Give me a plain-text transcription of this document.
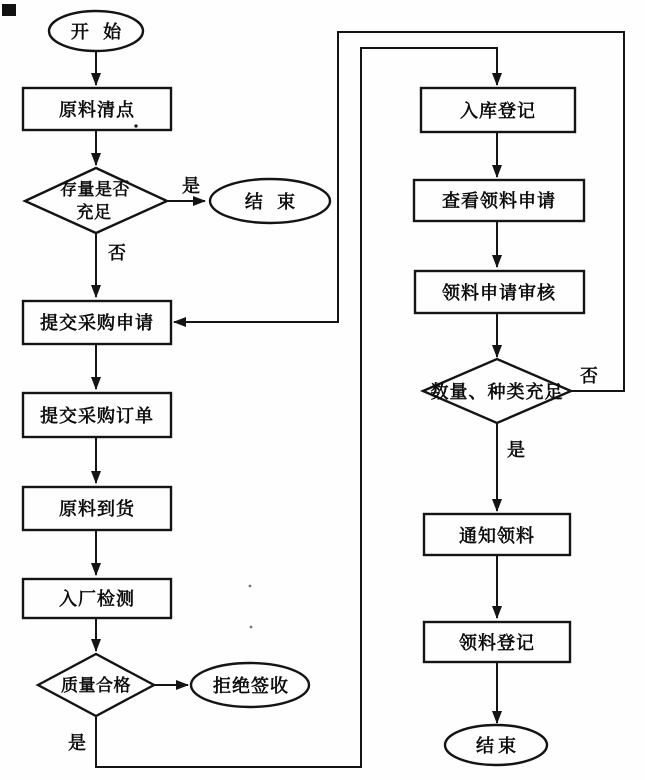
开 始
原料清点
存量是否
充足	结 束
提交采购申请
提交采购订单
原料到货
入厂检测
质量合格	拒绝签收
入库登记
查看领料申请
领料申请审核
数量、种类充足
通知领料
领料登记
结束
是
否
是
否
是
